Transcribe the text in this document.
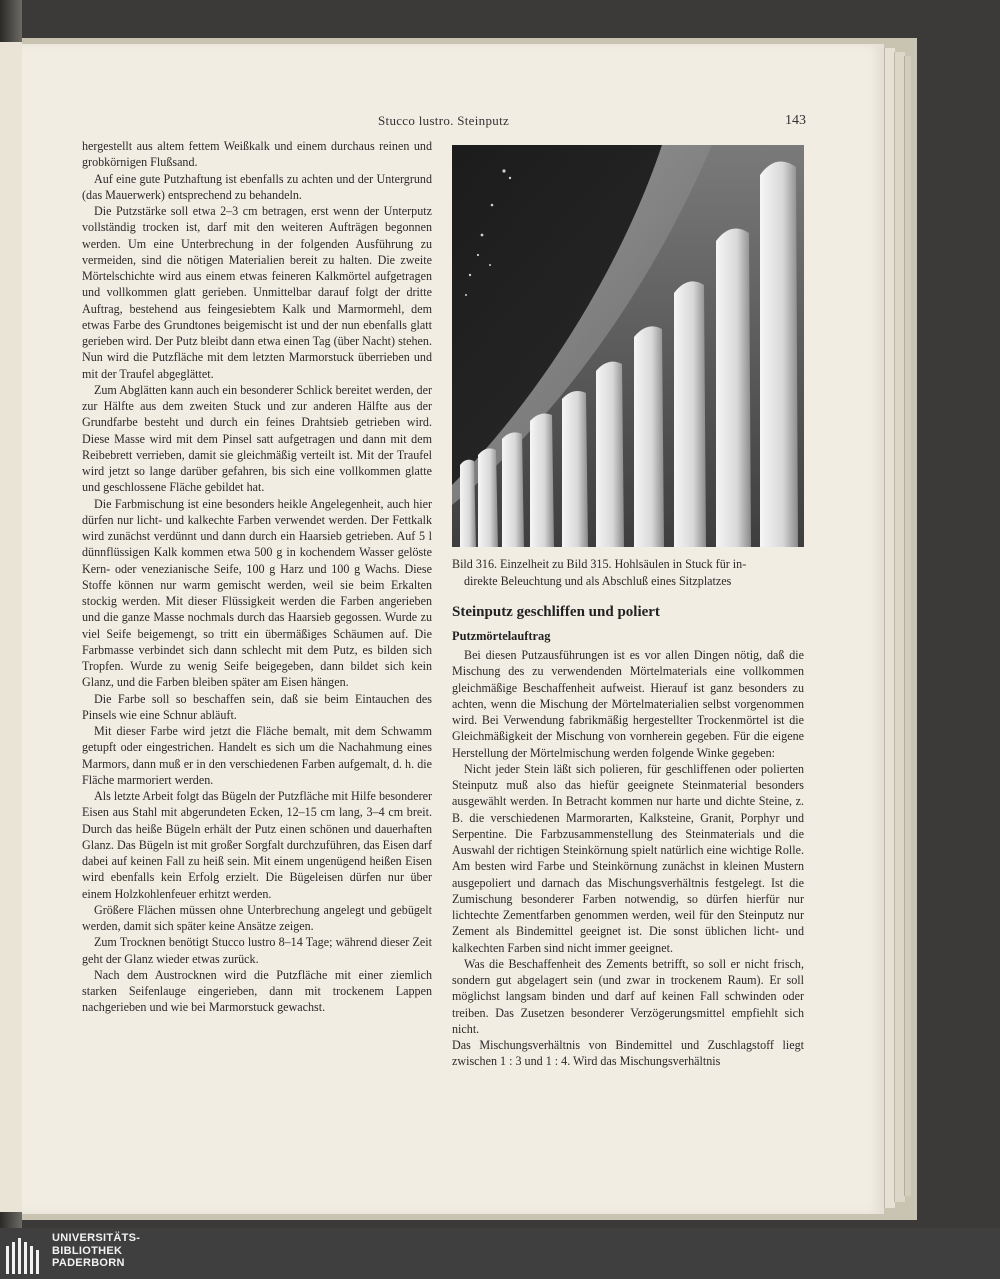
Stucco lustro. Steinputz	143

hergestellt aus altem fettem Weißkalk und einem durchaus reinen und grobkörnigen Flußsand.

Auf eine gute Putzhaftung ist ebenfalls zu achten und der Untergrund (das Mauerwerk) entsprechend zu behandeln.

Die Putzstärke soll etwa 2–3 cm betragen, erst wenn der Unterputz vollständig trocken ist, darf mit den weiteren Aufträgen begonnen werden. Um eine Unterbrechung in der folgenden Ausführung zu vermeiden, sind die nötigen Materialien bereit zu halten. Die zweite Mörtelschichte wird aus einem etwas feineren Kalkmörtel aufgetragen und vollkommen glatt gerieben. Unmittelbar darauf folgt der dritte Auftrag, bestehend aus feingesiebtem Kalk und Marmormehl, dem etwas Farbe des Grundtones beigemischt ist und der nun ebenfalls glatt gerieben wird. Der Putz bleibt dann etwa einen Tag (über Nacht) stehen. Nun wird die Putzfläche mit dem letzten Marmorstuck überrieben und mit der Traufel abgeglättet.

Zum Abglätten kann auch ein besonderer Schlick bereitet werden, der zur Hälfte aus dem zweiten Stuck und zur anderen Hälfte aus der Grundfarbe besteht und durch ein feines Drahtsieb getrieben wird. Diese Masse wird mit dem Pinsel satt aufgetragen und dann mit dem Reibebrett verrieben, damit sie gleichmäßig verteilt ist. Mit der Traufel wird jetzt so lange darüber gefahren, bis sich eine vollkommen glatte und geschlossene Fläche gebildet hat.

Die Farbmischung ist eine besonders heikle Angelegenheit, auch hier dürfen nur licht- und kalkechte Farben verwendet werden. Der Fettkalk wird zunächst verdünnt und dann durch ein Haarsieb getrieben. Auf 5 l dünnflüssigen Kalk kommen etwa 500 g in kochendem Wasser gelöste Kern- oder venezianische Seife, 100 g Harz und 100 g Wachs. Diese Stoffe können nur warm gemischt werden, weil sie beim Erkalten stockig werden. Mit dieser Flüssigkeit werden die Farben angerieben und die ganze Masse nochmals durch das Haarsieb gegossen. Wurde zu viel Seife beigemengt, so tritt ein übermäßiges Schäumen auf. Die Farbmasse verbindet sich dann schlecht mit dem Putz, es bilden sich Tropfen. Wurde zu wenig Seife beigegeben, dann bildet sich kein Glanz, und die Farben bleiben später am Eisen hängen.

Die Farbe soll so beschaffen sein, daß sie beim Eintauchen des Pinsels wie eine Schnur abläuft.

Mit dieser Farbe wird jetzt die Fläche bemalt, mit dem Schwamm getupft oder eingestrichen. Handelt es sich um die Nachahmung eines Marmors, dann muß er in den verschiedenen Farben aufgemalt, d. h. die Fläche marmoriert werden.

Als letzte Arbeit folgt das Bügeln der Putzfläche mit Hilfe besonderer Eisen aus Stahl mit abgerundeten Ecken, 12–15 cm lang, 3–4 cm breit. Durch das heiße Bügeln erhält der Putz einen schönen und dauerhaften Glanz. Das Bügeln ist mit großer Sorgfalt durchzuführen, das Eisen darf dabei auf keinen Fall zu heiß sein. Mit einem ungenügend heißen Eisen wird ebenfalls kein Erfolg erzielt. Die Bügeleisen dürfen nur über einem Holzkohlenfeuer erhitzt werden.

Größere Flächen müssen ohne Unterbrechung angelegt und gebügelt werden, damit sich später keine Ansätze zeigen.

Zum Trocknen benötigt Stucco lustro 8–14 Tage; während dieser Zeit geht der Glanz wieder etwas zurück.

Nach dem Austrocknen wird die Putzfläche mit einer ziemlich starken Seifenlauge eingerieben, dann mit trockenem Lappen nachgerieben und wie bei Marmorstuck gewachst.

Bild 316. Einzelheit zu Bild 315. Hohlsäulen in Stuck für in-
direkte Beleuchtung und als Abschluß eines Sitzplatzes
Steinputz geschliffen und poliert
Putzmörtelauftrag

Bei diesen Putzausführungen ist es vor allen Dingen nötig, daß die Mischung des zu verwendenden Mörtelmaterials eine vollkommen gleichmäßige Beschaffenheit aufweist. Hierauf ist ganz besonders zu achten, wenn die Mischung der Mörtelmaterialien selbst vorgenommen wird. Bei Verwendung fabrikmäßig hergestellter Trockenmörtel ist die Gleichmäßigkeit der Mischung von vornherein gegeben. Für die eigene Herstellung der Mörtelmischung werden folgende Winke gegeben:

Nicht jeder Stein läßt sich polieren, für geschliffenen oder polierten Steinputz muß also das hiefür geeignete Steinmaterial besonders ausgewählt werden. In Betracht kommen nur harte und dichte Steine, z. B. die verschiedenen Marmorarten, Kalksteine, Granit, Porphyr und Serpentine. Die Farbzusammenstellung des Steinmaterials und die Auswahl der richtigen Steinkörnung spielt natürlich eine wichtige Rolle. Am besten wird Farbe und Steinkörnung zunächst in kleinen Mustern ausgepoliert und darnach das Mischungsverhältnis festgelegt. Ist die Zumischung besonderer Farben notwendig, so dürfen hierfür nur lichtechte Zementfarben genommen werden, weil für den Steinputz nur Zement als Bindemittel geeignet ist. Die sonst üblichen licht- und kalkechten Farben sind nicht immer geeignet.

Was die Beschaffenheit des Zements betrifft, so soll er nicht frisch, sondern gut abgelagert sein (und zwar in trockenem Raum). Er soll möglichst langsam binden und darf auf keinen Fall schwinden oder treiben. Das Zusetzen besonderer Verzögerungsmittel empfiehlt sich nicht.

Das Mischungsverhältnis von Bindemittel und Zuschlagstoff liegt zwischen 1 : 3 und 1 : 4. Wird das Mischungsverhältnis

UNIVERSITÄTS-
BIBLIOTHEK
PADERBORN
